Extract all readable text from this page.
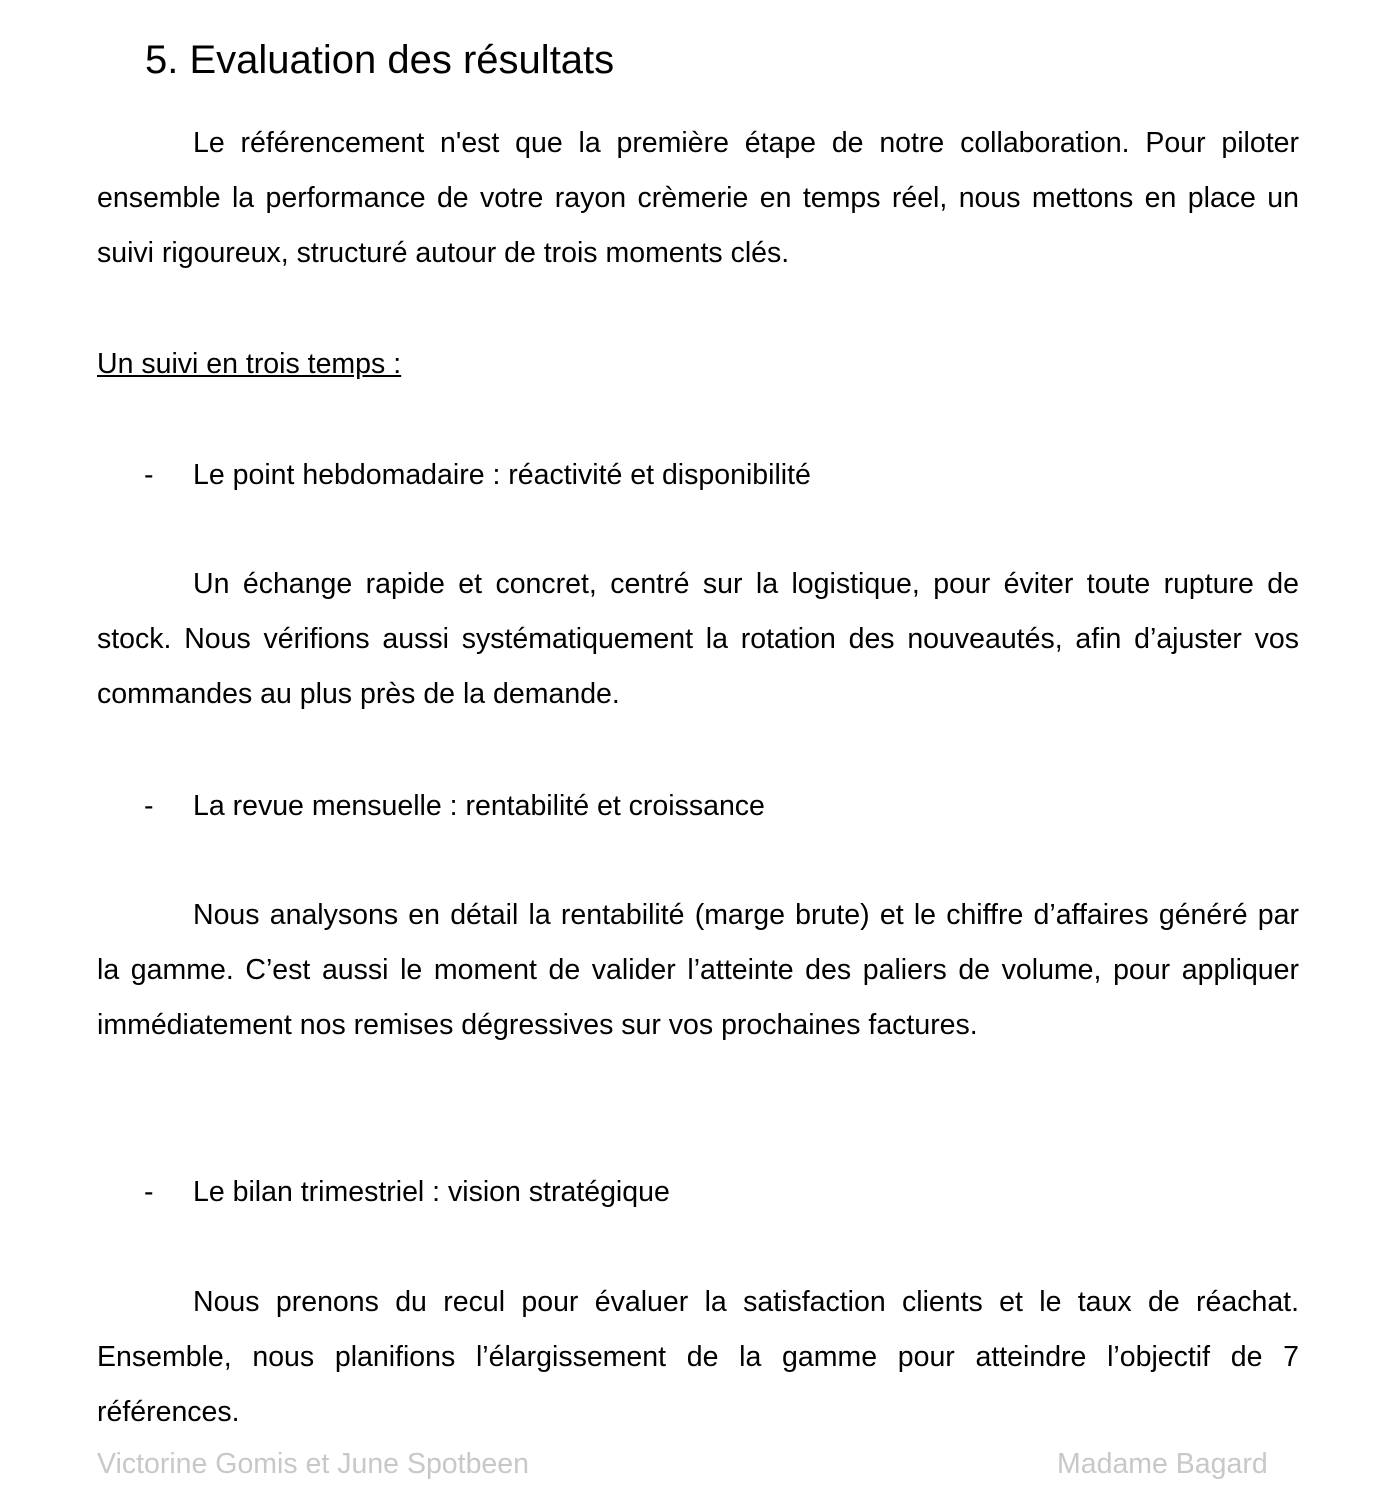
5. Evaluation des résultats

Le référencement n'est que la première étape de notre collaboration. Pour piloter ensemble la performance de votre rayon crèmerie en temps réel, nous mettons en place un suivi rigoureux, structuré autour de trois moments clés.

Un suivi en trois temps :

- Le point hebdomadaire : réactivité et disponibilité

Un échange rapide et concret, centré sur la logistique, pour éviter toute rupture de stock. Nous vérifions aussi systématiquement la rotation des nouveautés, afin d’ajuster vos commandes au plus près de la demande.

- La revue mensuelle : rentabilité et croissance

Nous analysons en détail la rentabilité (marge brute) et le chiffre d’affaires généré par la gamme. C’est aussi le moment de valider l’atteinte des paliers de volume, pour appliquer immédiatement nos remises dégressives sur vos prochaines factures.

- Le bilan trimestriel : vision stratégique

Nous prenons du recul pour évaluer la satisfaction clients et le taux de réachat. Ensemble, nous planifions l’élargissement de la gamme pour atteindre l’objectif de 7 références.

Victorine Gomis et June Spotbeen	Madame Bagard
